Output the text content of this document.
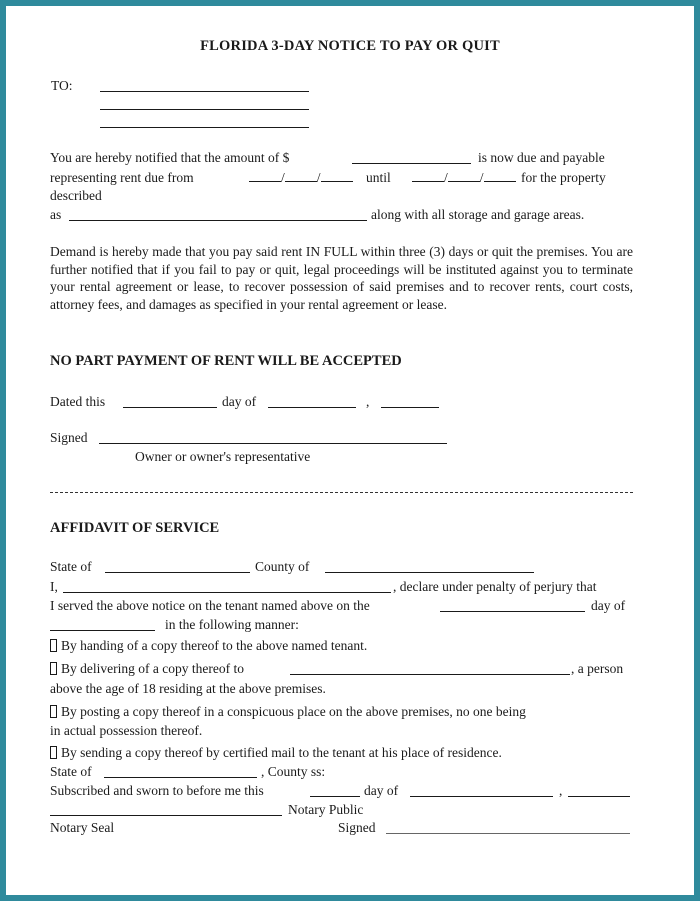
FLORIDA 3-DAY NOTICE TO PAY OR QUIT
TO:
You are hereby notified that the amount of $	is now due and payable
representing rent due from	/ /	until	/ /	for the property
described
as	along with all storage and garage areas.
Demand is hereby made that you pay said rent IN FULL within three (3) days or quit the premises. You are further notified that if you fail to pay or quit, legal proceedings will be instituted against you to terminate your rental agreement or lease, to recover possession of said premises and to recover rents, court costs, attorney fees, and damages as specified in your rental agreement or lease.
NO PART PAYMENT OF RENT WILL BE ACCEPTED
Dated this	day of	,
Signed
Owner or owner's representative
AFFIDAVIT OF SERVICE
State of	County of
I,	, declare under penalty of perjury that
I served the above notice on the tenant named above on the	day of
in the following manner:
By handing of a copy thereof to the above named tenant.
By delivering of a copy thereof to	, a person
above the age of 18 residing at the above premises.
By posting a copy thereof in a conspicuous place on the above premises, no one being
in actual possession thereof.
By sending a copy thereof by certified mail to the tenant at his place of residence.
State of	, County ss:
Subscribed and sworn to before me this	day of	,
Notary Public
Notary Seal	Signed
